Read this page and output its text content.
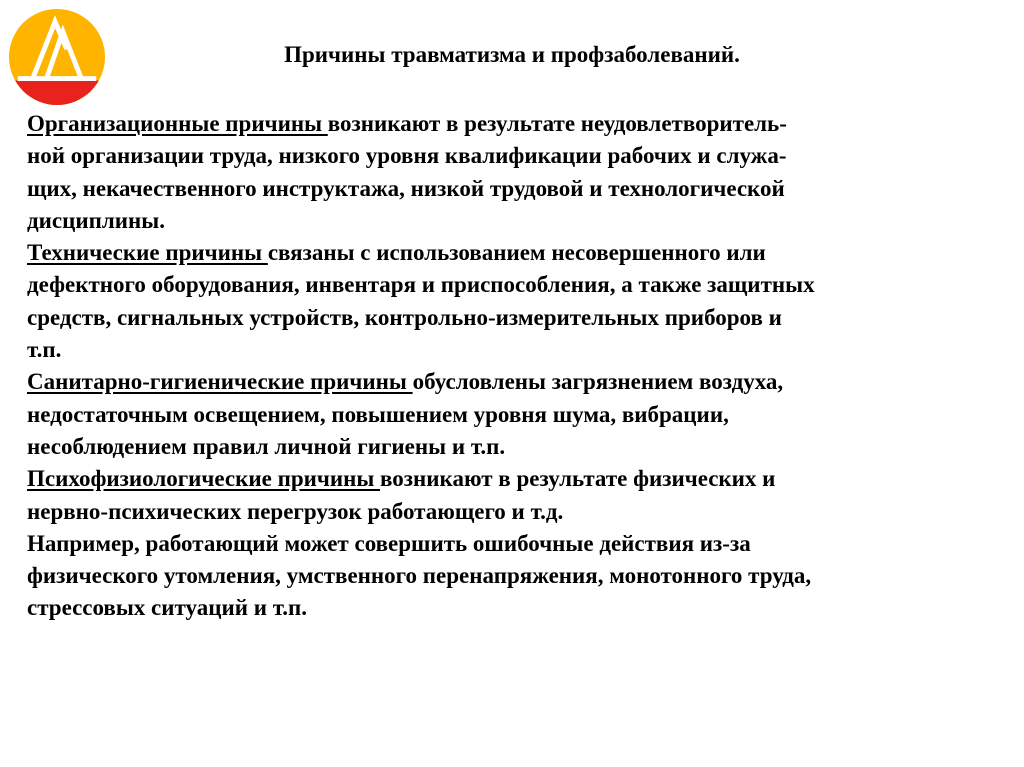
Причины травматизма и профзаболеваний.

Организационные причины возникают в результате неудовлетворитель-
ной организации труда, низкого уровня квалификации рабочих и служа-
щих, некачественного инструктажа, низкой трудовой и технологической
дисциплины.

Технические причины связаны с использованием несовершенного или
дефектного оборудования, инвентаря и приспособления, а также защитных
средств, сигнальных устройств, контрольно-измерительных приборов и
т.п.

Санитарно-гигиенические причины обусловлены загрязнением воздуха,
недостаточным освещением, повышением уровня шума, вибрации,
несоблюдением правил личной гигиены и т.п.

Психофизиологические причины возникают в результате физических и
нервно-психических перегрузок работающего и т.д.

Например, работающий может совершить ошибочные действия из-за
физического утомления, умственного перенапряжения, монотонного труда,
стрессовых ситуаций и т.п.
